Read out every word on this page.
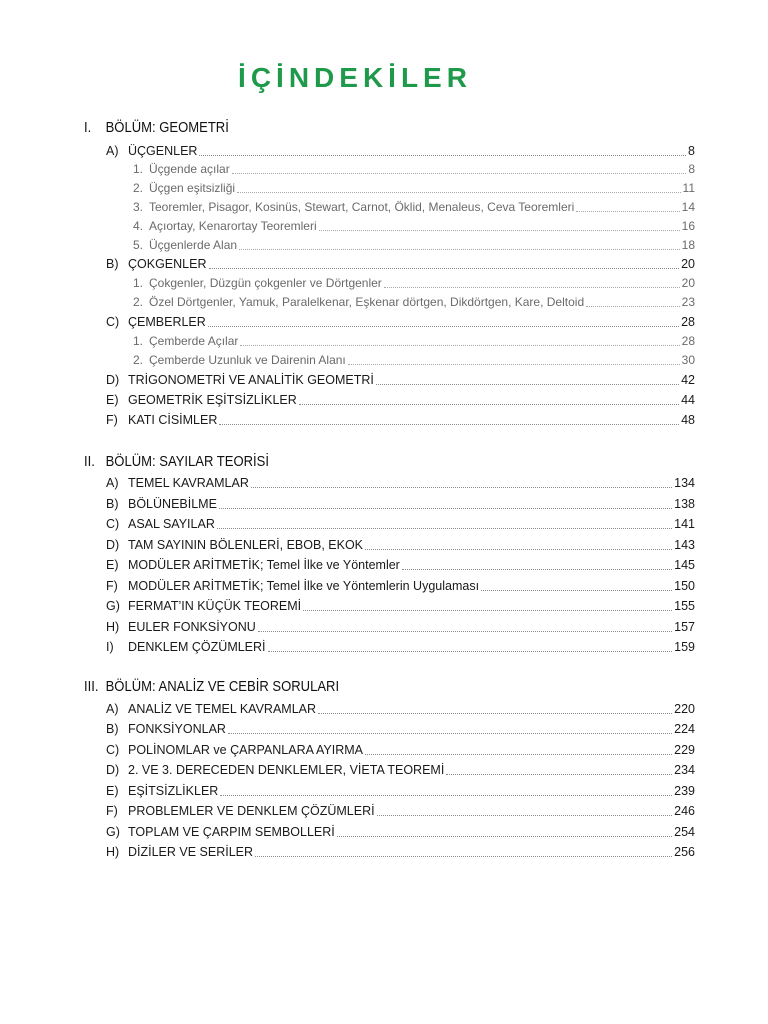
İÇİNDEKİLER
I. BÖLÜM: GEOMETRİ
A) ÜÇGENLER	8
1. Üçgende açılar	8
2. Üçgen eşitsizliği	11
3. Teoremler, Pisagor, Kosinüs, Stewart, Carnot, Öklid, Menaleus, Ceva Teoremleri	14
4. Açıortay, Kenarortay Teoremleri	16
5. Üçgenlerde Alan	18
B) ÇOKGENLER	20
1. Çokgenler, Düzgün çokgenler ve Dörtgenler	20
2. Özel Dörtgenler, Yamuk, Paralelkenar, Eşkenar dörtgen, Dikdörtgen, Kare, Deltoid	23
C) ÇEMBERLER	28
1. Çemberde Açılar	28
2. Çemberde Uzunluk ve Dairenin Alanı	30
D) TRİGONOMETRİ VE ANALİTİK GEOMETRİ	42
E) GEOMETRİK EŞİTSİZLİKLER	44
F) KATI CİSİMLER	48
II. BÖLÜM: SAYILAR TEORİSİ
A) TEMEL KAVRAMLAR	134
B) BÖLÜNEBİLME	138
C) ASAL SAYILAR	141
D) TAM SAYININ BÖLENLERİ, EBOB, EKOK	143
E) MODÜLER ARİTMETİK; Temel İlke ve Yöntemler	145
F) MODÜLER ARİTMETİK; Temel İlke ve Yöntemlerin Uygulaması	150
G) FERMAT’IN KÜÇÜK TEOREMİ	155
H) EULER FONKSİYONU	157
I)	DENKLEM ÇÖZÜMLERİ	159
III. BÖLÜM: ANALİZ VE CEBİR SORULARI
A) ANALİZ VE TEMEL KAVRAMLAR	220
B) FONKSİYONLAR	224
C) POLİNOMLAR ve ÇARPANLARA AYIRMA	229
D) 2. VE 3. DERECEDEN DENKLEMLER, VİETA TEOREMİ	234
E) EŞİTSİZLİKLER	239
F) PROBLEMLER VE DENKLEM ÇÖZÜMLERİ	246
G) TOPLAM VE ÇARPIM SEMBOLLERİ	254
H) DİZİLER VE SERİLER	256
